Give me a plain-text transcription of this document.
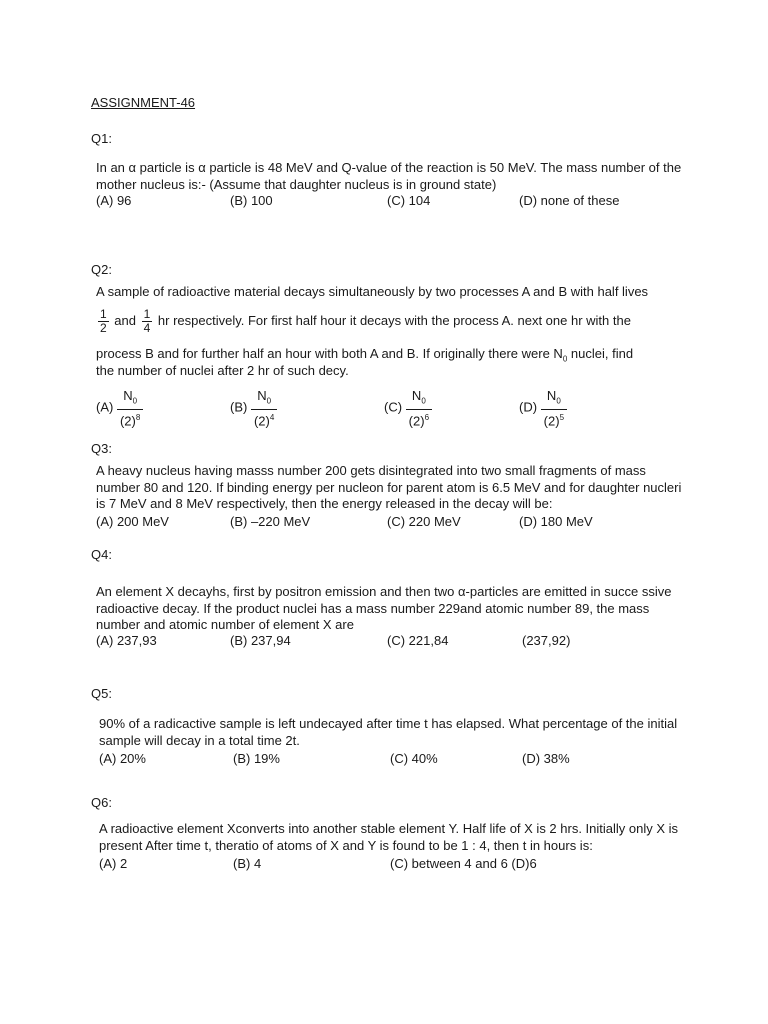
ASSIGNMENT-46
Q1:
In an α particle is α particle is 48 MeV and Q-value of the reaction is 50 MeV. The mass number of the mother nucleus is:- (Assume that daughter nucleus is in ground state)
(A) 96	(B) 100	(C) 104	(D) none of these
Q2:
A sample of radioactive material decays simultaneously by two processes A and B with half lives
$\frac{1}{2}$ and $\frac{1}{4}$ hr respectively. For first half hour it decays with the process A. next one hr with the
process B and for further half an hour with both A and B. If originally there were $N_0$ nuclei, find
the number of nuclei after 2 hr of such decy.
$(A) \frac{N_0}{(2)^8}$	$(B) \frac{N_0}{(2)^4}$	$(C) \frac{N_0}{(2)^6}$	$(D) \frac{N_0}{(2)^5}$
Q3:
A heavy nucleus having masss number 200 gets disintegrated into two small fragments of mass number 80 and 120. If binding energy per nucleon for parent atom is 6.5 MeV and for daughter nucleri is 7 MeV and 8 MeV respectively, then the energy released in the decay will be:
(A) 200 MeV	(B) –220 MeV	(C) 220 MeV	(D) 180 MeV
Q4:
An element X decayhs, first by positron emission and then two α-particles are emitted in succe ssive radioactive decay. If the product nuclei has a mass number 229and atomic number 89, the mass number and atomic number of element X are
(A) 237,93	(B) 237,94	(C) 221,84	(237,92)
Q5:
90% of a radicactive sample is left undecayed after time t has elapsed. What percentage of the initial sample will decay in a total time 2t.
(A) 20%	(B) 19%	(C) 40%	(D) 38%
Q6:
A radioactive element Xconverts into another stable element Y. Half life of X is 2 hrs. Initially only X is present After time t, theratio of atoms of X and Y is found to be 1 : 4, then t in hours is:
(A) 2	(B) 4	(C) between 4 and 6 (D)6
